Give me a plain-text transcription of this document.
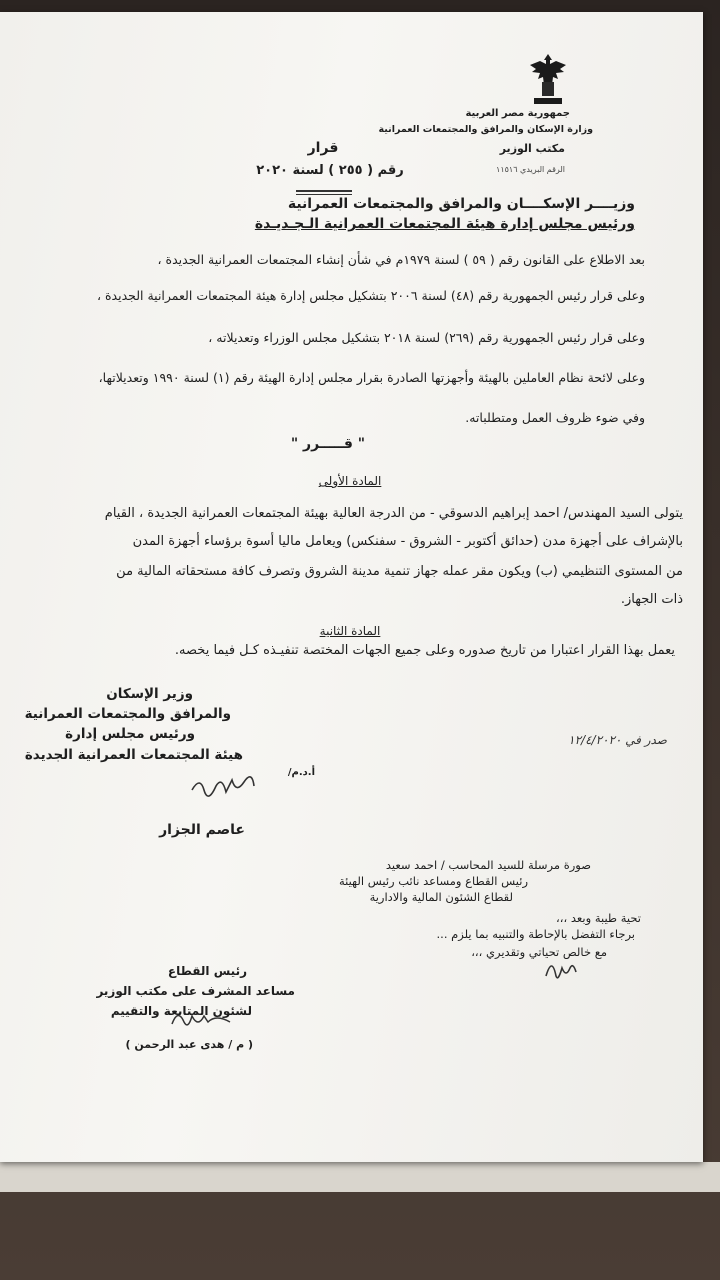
جمهورية مصر العربية

وزارة الإسكان والمرافق والمجتمعات العمرانية

مكتب الوزير

الرقم البريدي ١١٥١٦

قرار

رقم ( ٢٥٥ ) لسنة ٢٠٢٠

وزيــــر الإسكــــان والمرافق والمجتمعات العمرانية

ورئيس مجلس إدارة هيئة المجتمعات العمرانية الـجـديـدة

بعد الاطلاع على القانون رقم ( ٥٩ ) لسنة ١٩٧٩م في شأن إنشاء المجتمعات العمرانية الجديدة ،

وعلى قرار رئيس الجمهورية رقم (٤٨) لسنة ٢٠٠٦ بتشكيل مجلس إدارة هيئة المجتمعات العمرانية الجديدة ،

وعلى قرار رئيس الجمهورية رقم (٢٦٩) لسنة ٢٠١٨ بتشكيل مجلس الوزراء وتعديلاته ،

وعلى لائحة نظام العاملين بالهيئة وأجهزتها الصادرة بقرار مجلس إدارة الهيئة رقم (١) لسنة ١٩٩٠ وتعديلاتها،

وفي ضوء ظروف العمل ومتطلباته.

" قـــــرر "

المادة الأولى

يتولى السيد المهندس/ احمد إبراهيم الدسوقي - من الدرجة العالية بهيئة المجتمعات العمرانية الجديدة ، القيام

بالإشراف على أجهزة مدن (حدائق أكتوبر - الشروق - سفنكس) ويعامل ماليا أسوة برؤساء أجهزة المدن

من المستوى التنظيمي (ب) ويكون مقر عمله جهاز تنمية مدينة الشروق وتصرف كافة مستحقاته المالية من

ذات الجهاز.

المادة الثانية

يعمل بهذا القرار اعتبارا من تاريخ صدوره وعلى جميع الجهات المختصة تنفيـذه كـل فيما يخصه.

وزير الإسكان

والمرافق والمجتمعات العمرانية

ورئيس مجلس إدارة

هيئة المجتمعات العمرانية الجديدة

أ.د.م/

عاصم الجزار

صدر في ١٢/٤/٢٠٢٠

صورة مرسلة للسيد المحاسب / احمد سعيد

رئيس القطاع ومساعد نائب رئيس الهيئة

لقطاع الشئون المالية والادارية

تحية طيبة وبعد ،،،

برجاء التفضل بالإحاطة والتنبيه بما يلزم ...

مع خالص تحياتي وتقديري ،،،

رئيس القطاع

مساعد المشرف على مكتب الوزير

لشئون المتابعة والتقييم

( م / هدى عبد الرحمن )
